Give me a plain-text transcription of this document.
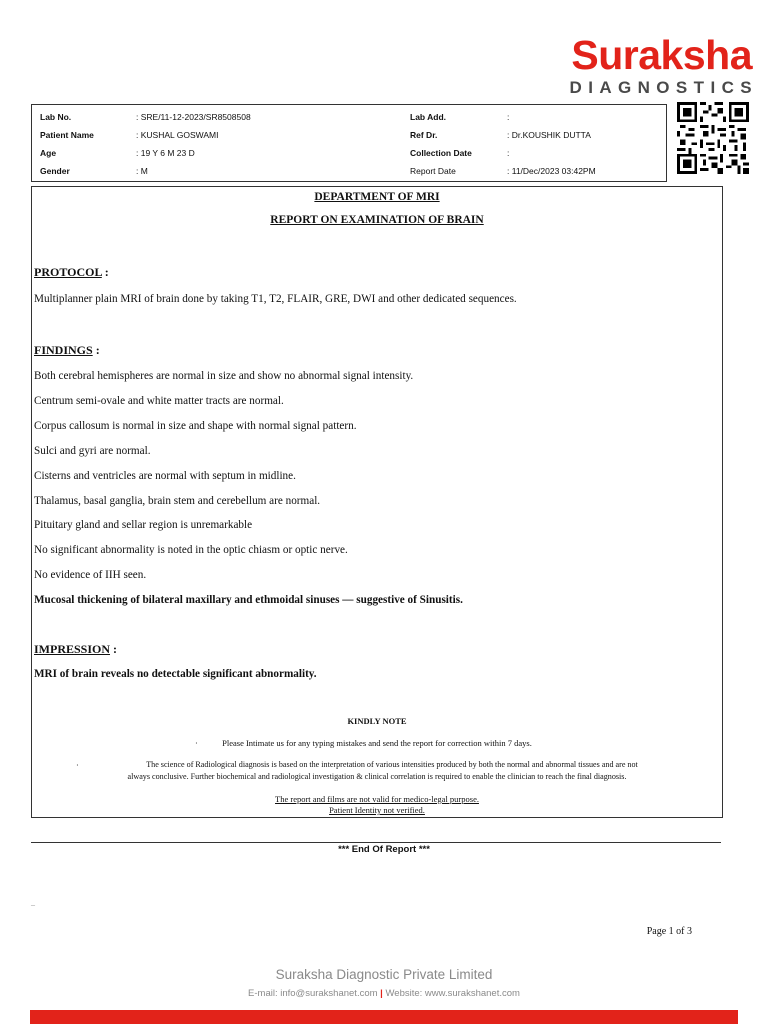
Suraksha
DIAGNOSTICS
Lab No.	: SRE/11-12-2023/SR8508508
Patient Name	: KUSHAL GOSWAMI
Age	: 19 Y 6 M 23 D
Gender	: M
Lab Add.	:
Ref Dr.	: Dr.KOUSHIK DUTTA
Collection Date	:
Report Date	: 11/Dec/2023 03:42PM
DEPARTMENT OF MRI
REPORT ON EXAMINATION OF BRAIN
PROTOCOL :
Multiplanner plain MRI of brain done by taking T1, T2, FLAIR, GRE, DWI and other dedicated sequences.
FINDINGS :
Both cerebral hemispheres are normal in size and show no abnormal signal intensity.
Centrum semi-ovale and white matter tracts are normal.
Corpus callosum is normal in size and shape with normal signal pattern.
Sulci and gyri are normal.
Cisterns and ventricles are normal with septum in midline.
Thalamus, basal ganglia, brain stem and cerebellum are normal.
Pituitary gland and sellar region is unremarkable
No significant abnormality is noted in the optic chiasm or optic nerve.
No evidence of IIH seen.
Mucosal thickening of bilateral maxillary and ethmoidal sinuses — suggestive of Sinusitis.
IMPRESSION :
MRI of brain reveals no detectable significant abnormality.
KINDLY NOTE
·	Please Intimate us for any typing mistakes and send the report for correction within 7 days.
·	The science of Radiological diagnosis is based on the interpretation of various intensities produced by both the normal and abnormal tissues and are not
always conclusive. Further biochemical and radiological investigation & clinical correlation is required to enable the clinician to reach the final diagnosis.
The report and films are not valid for medico-legal purpose.
Patient Identity not verified.
*** End Of Report ***
–
Page 1 of 3
Suraksha Diagnostic Private Limited
E-mail: info@surakshanet.com | Website: www.surakshanet.com
